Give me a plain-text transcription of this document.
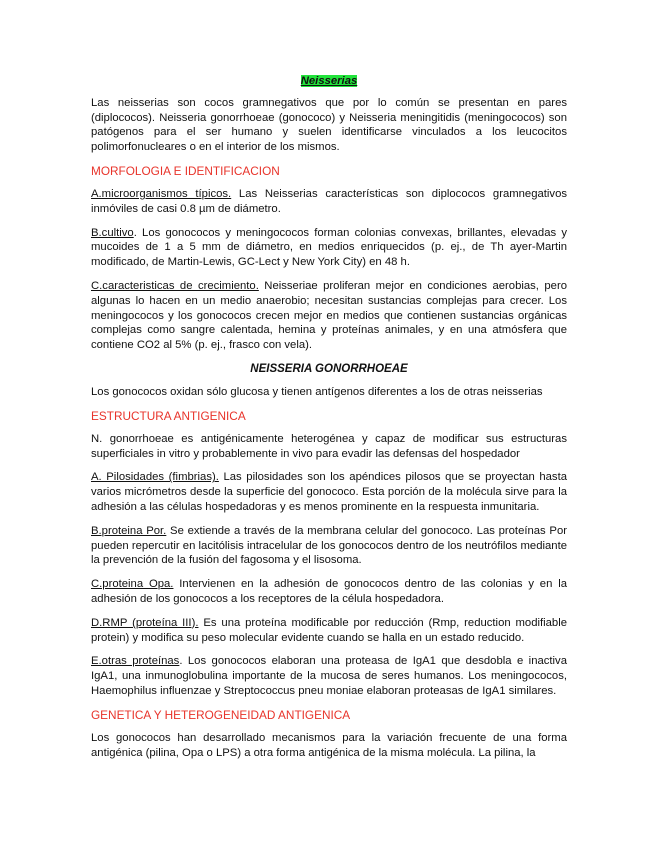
Neisserias

Las neisserias son cocos gramnegativos que por lo común se presentan en pares (diplococos). Neisseria gonorrhoeae (gonococo) y Neisseria meningitidis (meningococos) son patógenos para el ser humano y suelen identificarse vinculados a los leucocitos polimorfonucleares o en el interior de los mismos.

MORFOLOGIA E IDENTIFICACION

A.microorganismos típicos. Las Neisserias características son diplococos gramnegativos inmóviles de casi 0.8 µm de diámetro.

B.cultivo. Los gonococos y meningococos forman colonias convexas, brillantes, elevadas y mucoides de 1 a 5 mm de diámetro, en medios enriquecidos (p. ej., de Th ayer-Martin modificado, de Martin-Lewis, GC-Lect y New York City) en 48 h.

C.caracteristicas de crecimiento. Neisseriae proliferan mejor en condiciones aerobias, pero algunas lo hacen en un medio anaerobio; necesitan sustancias complejas para crecer. Los meningococos y los gonococos crecen mejor en medios que contienen sustancias orgánicas complejas como sangre calentada, hemina y proteínas animales, y en una atmósfera que contiene CO2 al 5% (p. ej., frasco con vela).

NEISSERIA GONORRHOEAE

Los gonococos oxidan sólo glucosa y tienen antígenos diferentes a los de otras neisserias

ESTRUCTURA ANTIGENICA

N. gonorrhoeae es antigénicamente heterogénea y capaz de modificar sus estructuras superficiales in vitro y probablemente in vivo para evadir las defensas del hospedador

A. Pilosidades (fimbrias). Las pilosidades son los apéndices pilosos que se proyectan hasta varios micrómetros desde la superficie del gonococo. Esta porción de la molécula sirve para la adhesión a las células hospedadoras y es menos prominente en la respuesta inmunitaria.

B.proteina Por. Se extiende a través de la membrana celular del gonococo. Las proteínas Por pueden repercutir en lacitólisis intracelular de los gonococos dentro de los neutrófilos mediante la prevención de la fusión del fagosoma y el lisosoma.

C.proteina Opa. Intervienen en la adhesión de gonococos dentro de las colonias y en la adhesión de los gonococos a los receptores de la célula hospedadora.

D.RMP (proteína III). Es una proteína modificable por reducción (Rmp, reduction modifiable protein) y modifica su peso molecular evidente cuando se halla en un estado reducido.

E.otras proteínas. Los gonococos elaboran una proteasa de IgA1 que desdobla e inactiva IgA1, una inmunoglobulina importante de la mucosa de seres humanos. Los meningococos, Haemophilus influenzae y Streptococcus pneu moniae elaboran proteasas de IgA1 similares.

GENETICA Y HETEROGENEIDAD ANTIGENICA

Los gonococos han desarrollado mecanismos para la variación frecuente de una forma antigénica (pilina, Opa o LPS) a otra forma antigénica de la misma molécula. La pilina, la
